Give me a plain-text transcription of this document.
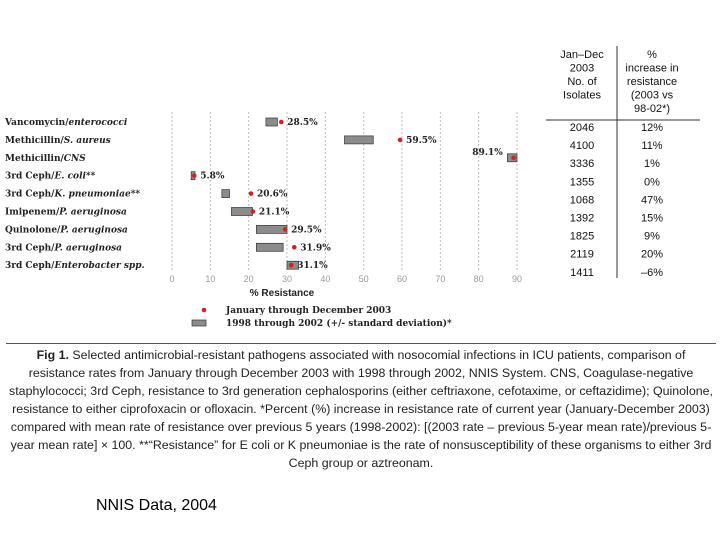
0	10	20	30	40	50	60	70	80	90
% Resistance
Vancomycin/enterococci
Methicillin/S. aureus
Methicillin/CNS
3rd Ceph/E. coli**
3rd Ceph/K. pneumoniae**
Imipenem/P. aeruginosa
Quinolone/P. aeruginosa
3rd Ceph/P. aeruginosa
3rd Ceph/Enterobacter spp.
28.5%
59.5%
89.1%
5.8%
20.6%
21.1%
29.5%
31.9%
31.1%
January through December 2003
1998 through 2002 (+/- standard deviation)*
Jan–Dec
2003
No. of
Isolates
%
increase in
resistance
(2003 vs
98-02*)
2046	12%
4100	11%
3336	1%
1355	0%
1068	47%
1392	15%
1825	9%
2119	20%
1411	–6%

Fig 1. Selected antimicrobial-resistant pathogens associated with nosocomial infections in ICU patients, comparison of resistance rates from January through December 2003 with 1998 through 2002, NNIS System. CNS, Coagulase-negative staphylococci; 3rd Ceph, resistance to 3rd generation cephalosporins (either ceftriaxone, cefotaxime, or ceftazidime); Quinolone, resistance to either ciprofoxacin or ofloxacin. *Percent (%) increase in resistance rate of current year (January-December 2003) compared with mean rate of resistance over previous 5 years (1998-2002): [(2003 rate – previous 5-year mean rate)/previous 5-year mean rate] × 100. **“Resistance” for E coli or K pneumoniae is the rate of nonsusceptibility of these organisms to either 3rd Ceph group or aztreonam.

NNIS Data, 2004
